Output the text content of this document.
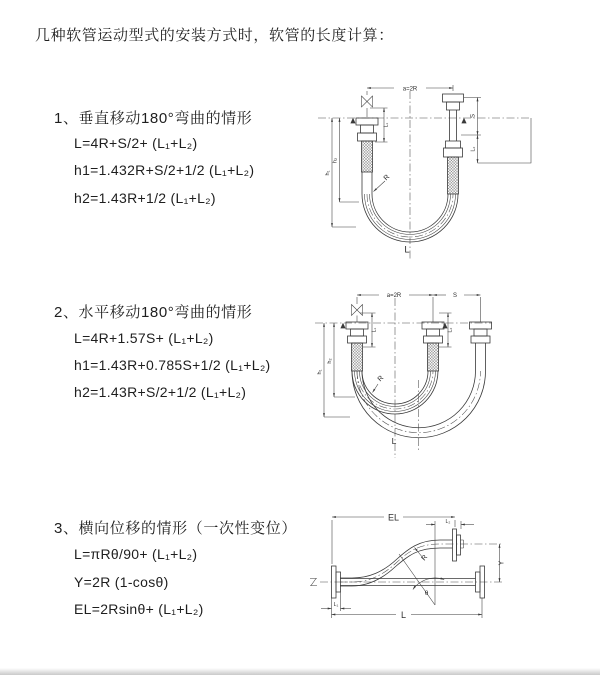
几种软管运动型式的安装方式时，软管的长度计算：
1、垂直移动180°弯曲的情形
L=4R+S/2+ (L₁+L₂)
h1=1.432R+S/2+1/2 (L₁+L₂)
h2=1.43R+1/2 (L₁+L₂)
a=2R
L₁
S
L₂
h₁
h₂
R
L
2、水平移动180°弯曲的情形
L=4R+1.57S+ (L₁+L₂)
h1=1.43R+0.785S+1/2 (L₁+L₂)
h2=1.43R+S/2+1/2 (L₁+L₂)
a=2R	S
L₁	L₂
h₁
h₂
R
L
3、横向位移的情形（一次性变位）
L=πRθ/90+ (L₁+L₂)
Y=2R (1-cosθ)
EL=2Rsinθ+ (L₁+L₂)
EL	L₂
L₁
L
Y
R
θ
